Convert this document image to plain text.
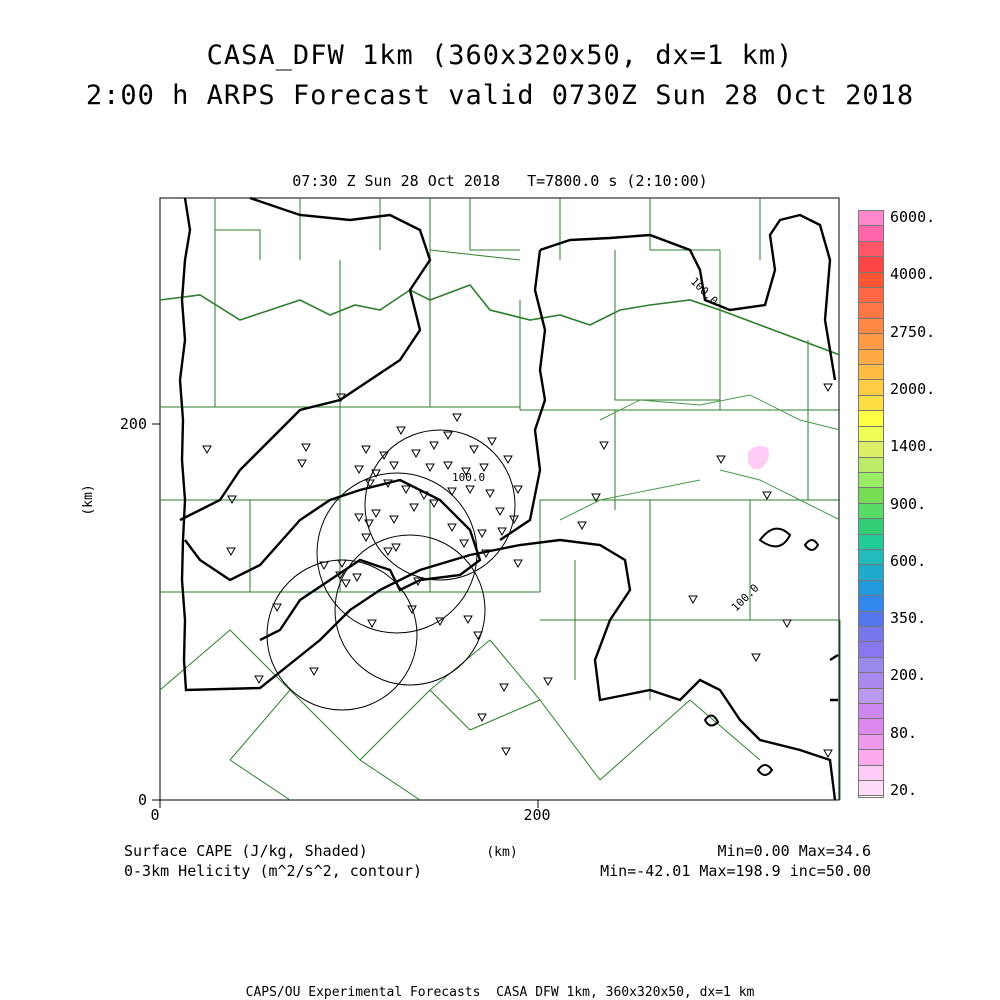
CASA_DFW 1km (360x320x50, dx=1 km)
2:00 h ARPS Forecast valid 0730Z Sun 28 Oct 2018
07:30 Z Sun 28 Oct 2018   T=7800.0 s (2:10:00)
100.0
100.0
100.0
0	200
0
200
(km)
(km)
6000.
4000.
2750.
2000.
1400.
900.
600.
350.
200.
80.
20.
Surface CAPE (J/kg, Shaded)
0-3km Helicity (m^2/s^2, contour)
Min=0.00 Max=34.6
Min=-42.01 Max=198.9 inc=50.00
CAPS/OU Experimental Forecasts  CASA DFW 1km, 360x320x50, dx=1 km
